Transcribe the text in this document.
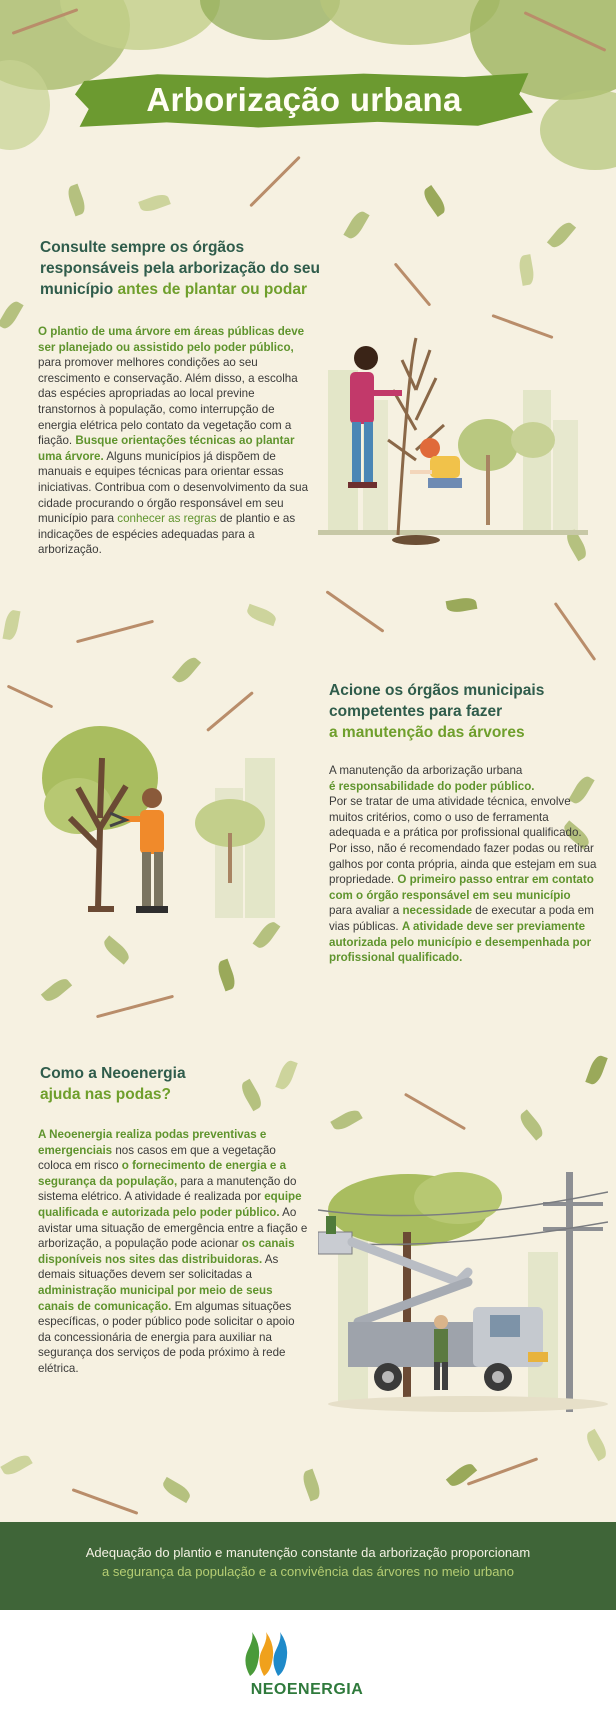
Arborização urbana
Consulte sempre os órgãos
responsáveis pela arborização do seu
município antes de plantar ou podar
O plantio de uma árvore em áreas públicas deve ser planejado ou assistido pelo poder público, para promover melhores condições ao seu crescimento e conservação. Além disso, a escolha das espécies apropriadas ao local previne transtornos à população, como interrupção de energia elétrica pelo contato da vegetação com a fiação. Busque orientações técnicas ao plantar uma árvore. Alguns municípios já dispõem de manuais e equipes técnicas para orientar essas iniciativas. Contribua com o desenvolvimento da sua cidade procurando o órgão responsável em seu município para conhecer as regras de plantio e as indicações de espécies adequadas para a arborização.
Acione os órgãos municipais
competentes para fazer
a manutenção das árvores
A manutenção da arborização urbana
é responsabilidade do poder público.
Por se tratar de uma atividade técnica, envolve muitos critérios, como o uso de ferramenta adequada e a prática por profissional qualificado. Por isso, não é recomendado fazer podas ou retirar galhos por conta própria, ainda que estejam em sua propriedade. O primeiro passo entrar em contato com o órgão responsável em seu município para avaliar a necessidade de executar a poda em vias públicas. A atividade deve ser previamente autorizada pelo município e desempenhada por profissional qualificado.
Como a Neoenergia
ajuda nas podas?
A Neoenergia realiza podas preventivas e emergenciais nos casos em que a vegetação coloca em risco o fornecimento de energia e a segurança da população, para a manutenção do sistema elétrico. A atividade é realizada por equipe qualificada e autorizada pelo poder público. Ao avistar uma situação de emergência entre a fiação e arborização, a população pode acionar os canais disponíveis nos sites das distribuidoras. As demais situações devem ser solicitadas a administração municipal por meio de seus canais de comunicação. Em algumas situações específicas, o poder público pode solicitar o apoio da concessionária de energia para auxiliar na segurança dos serviços de poda próximo à rede elétrica.
Adequação do plantio e manutenção constante da arborização proporcionam
a segurança da população e a convivência das árvores no meio urbano
NEOENERGIA
